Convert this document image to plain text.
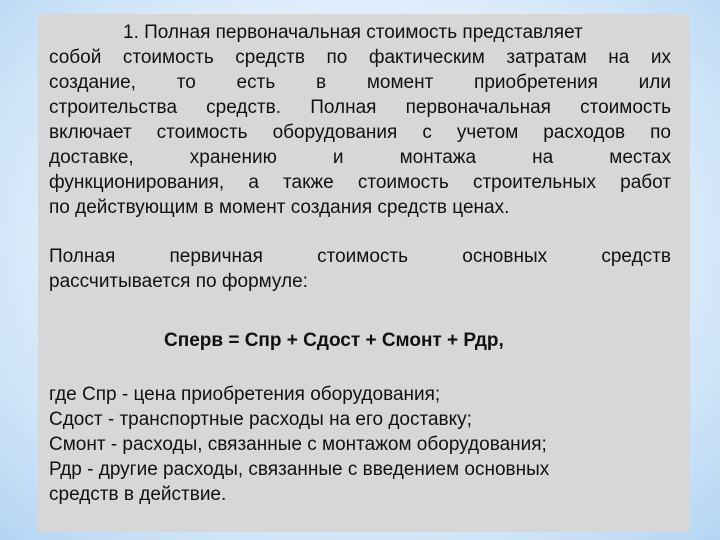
1. Полная первоначальная стоимость представляет
собой стоимость средств по фактическим затратам на их
создание, то есть в момент приобретения или
строительства средств. Полная первоначальная стоимость
включает стоимость оборудования с учетом расходов по
доставке, хранению и монтажа на местах
функционирования, а также стоимость строительных работ
по действующим в момент создания средств ценах.
Полная	первичная	стоимость	основных	средств
рассчитывается по формуле:
Сперв = Спр + Сдост + Смонт + Рдр,
где Спр - цена приобретения оборудования;
Сдост - транспортные расходы на его доставку;
Смонт - расходы, связанные с монтажом оборудования;
Рдр - другие расходы, связанные с введением основных
средств в действие.
